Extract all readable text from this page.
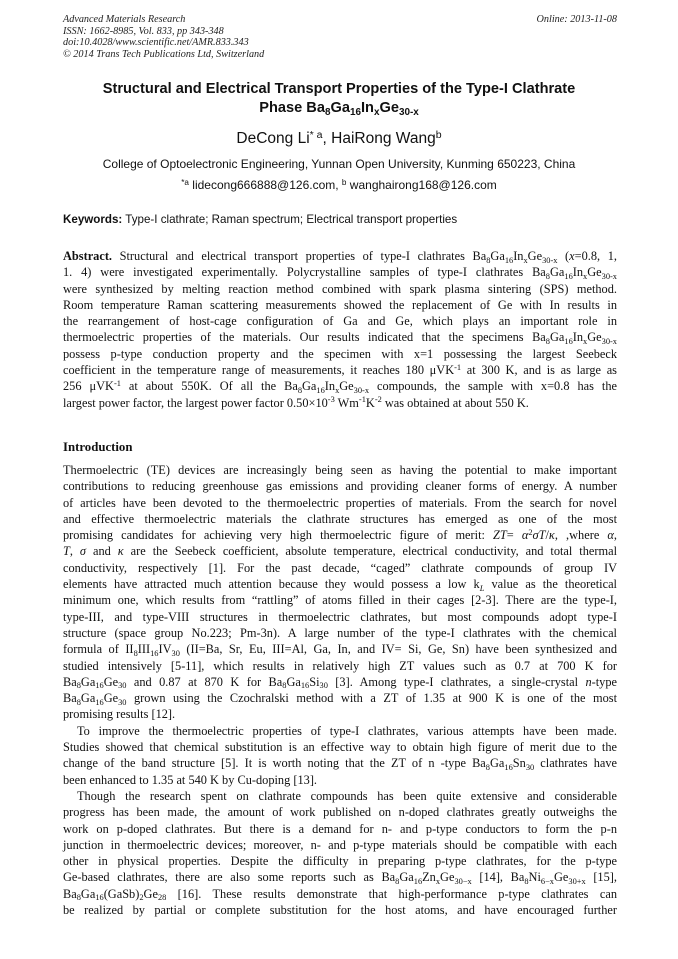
Advanced Materials Research
ISSN: 1662-8985, Vol. 833, pp 343-348
doi:10.4028/www.scientific.net/AMR.833.343
© 2014 Trans Tech Publications Ltd, Switzerland
Online: 2013-11-08
Structural and Electrical Transport Properties of the Type-I Clathrate
Phase $Ba_8Ga_{16}In_xGe_{30-x}$
DeCong Li$^{* a}$, HaiRong Wang$^b$
College of Optoelectronic Engineering, Yunnan Open University, Kunming 650223, China
$^{*a}$ lidecong666888@126.com, $^b$ wanghairong168@126.com
Keywords: Type-I clathrate; Raman spectrum; Electrical transport properties
Abstract. Structural and electrical transport properties of type-I clathrates $Ba_8Ga_{16}In_xGe_{30-x}$ (x=0.8, 1,
1. 4) were investigated experimentally. Polycrystalline samples of type-I clathrates $Ba_8Ga_{16}In_xGe_{30-x}$
were synthesized by melting reaction method combined with spark plasma sintering (SPS) method.
Room temperature Raman scattering measurements showed the replacement of Ge with In results in
the rearrangement of host-cage configuration of Ga and Ge, which plays an important role in
thermoelectric properties of the materials. Our results indicated that the specimens $Ba_8Ga_{16}In_xGe_{30-x}$
possess p-type conduction property and the specimen with x=1 possessing the largest Seebeck
coefficient in the temperature range of measurements, it reaches 180 μVK$^{-1}$ at 300 K, and is as large as
256 μVK$^{-1}$ at about 550K. Of all the $Ba_8Ga_{16}In_xGe_{30-x}$ compounds, the sample with x=0.8 has the
largest power factor, the largest power factor $0.50\times 10^{-3}$ $Wm^{-1}K^{-2}$ was obtained at about 550 K.
Introduction
Thermoelectric (TE) devices are increasingly being seen as having the potential to make important
contributions to reducing greenhouse gas emissions and providing cleaner forms of energy. A number
of articles have been devoted to the thermoelectric properties of materials. From the search for novel
and effective thermoelectric materials the clathrate structures has emerged as one of the most
promising candidates for achieving very high thermoelectric figure of merit: $ZT= \alpha^2\sigma T/\kappa$, ,where α,
T, σ and κ are the Seebeck coefficient, absolute temperature, electrical conductivity, and total thermal
conductivity, respectively [1]. For the past decade, “caged” clathrate compounds of group IV
elements have attracted much attention because they would possess a low $k_L$ value as the theoretical
minimum one, which results from “rattling” of atoms filled in their cages [2-3]. There are the type-I,
type-III, and type-VIII structures in thermoelectric clathrates, but most compounds adopt type-I
structure (space group No.223; Pm-3n). A large number of the type-I clathrates with the chemical
formula of $II_8III_{16}IV_{30}$ (II=Ba, Sr, Eu, III=Al, Ga, In, and IV= Si, Ge, Sn) have been synthesized and
studied intensively [5-11], which results in relatively high ZT values such as 0.7 at 700 K for
$Ba_8Ga_{16}Ge_{30}$ and 0.87 at 870 K for $Ba_8Ga_{16}Si_{30}$ [3]. Among type-I clathrates, a single-crystal n-type
$Ba_8Ga_{16}Ge_{30}$ grown using the Czochralski method with a ZT of 1.35 at 900 K is one of the most
promising results [12].
To improve the thermoelectric properties of type-I clathrates, various attempts have been made.
Studies showed that chemical substitution is an effective way to obtain high figure of merit due to the
change of the band structure [5]. It is worth noting that the ZT of n -type $Ba_8Ga_{16}Sn_{30}$ clathrates have
been enhanced to 1.35 at 540 K by Cu-doping [13].
Though the research spent on clathrate compounds has been quite extensive and considerable
progress has been made, the amount of work published on n-doped clathrates greatly outweighs the
work on p-doped clathrates. But there is a demand for n- and p-type conductors to form the p-n
junction in thermoelectric devices; moreover, n- and p-type materials should be compatible with each
other in physical properties. Despite the difficulty in preparing p-type clathrates, for the p-type
Ge-based clathrates, there are also some reports such as $Ba_8Ga_{16}Zn_xGe_{30-x}$ [14], $Ba_8Ni_{6-x}Ge_{30+x}$ [15],
$Ba_8Ga_{16}(GaSb)_2Ge_{28}$ [16]. These results demonstrate that high-performance p-type clathrates can
be realized by partial or complete substitution for the host atoms, and have encouraged further
